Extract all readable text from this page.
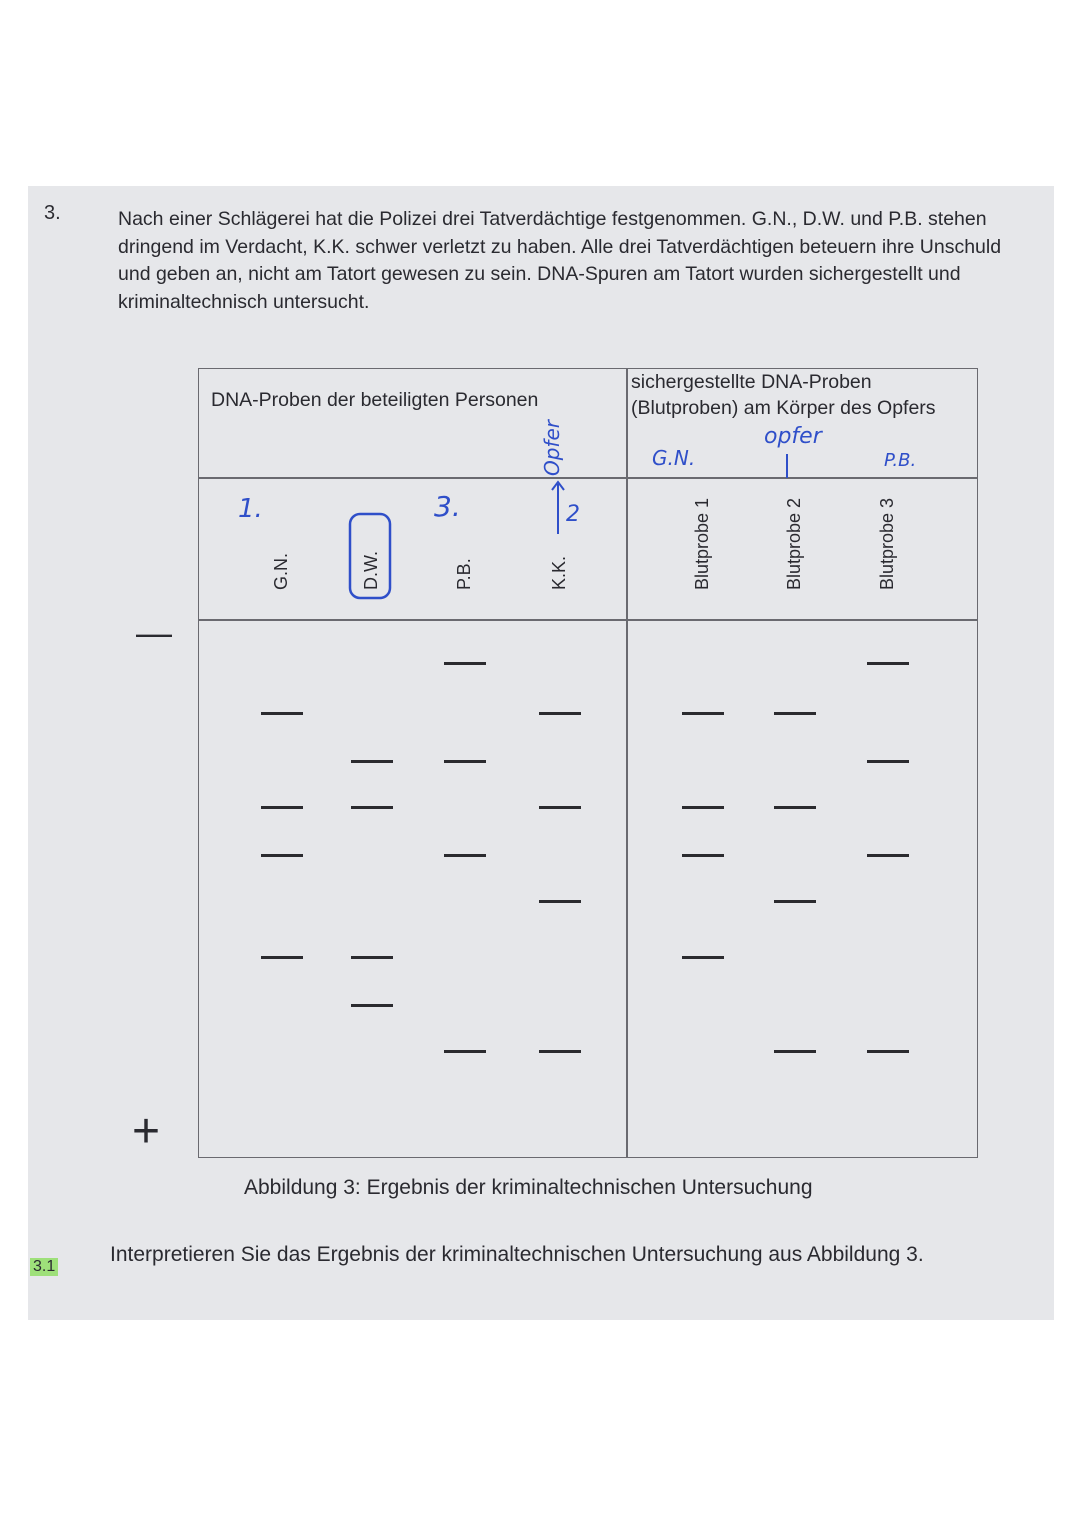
3.	Nach einer Schlägerei hat die Polizei drei Tatverdächtige festgenommen. G.N., D.W. und P.B. stehen dringend im Verdacht, K.K. schwer verletzt zu haben. Alle drei Tatverdächtigen beteuern ihre Unschuld und geben an, nicht am Tatort gewesen zu sein. DNA-Spuren am Tatort wurden sichergestellt und kriminaltechnisch untersucht.

DNA-Proben der beteiligten Personen
sichergestellte DNA-Proben (Blutproben) am Körper des Opfers
G.N.	D.W.	P.B.	K.K.	Blutprobe 1	Blutprobe 2	Blutprobe 3
—
+
1.	3.
Opfer
2
G.N.
opfer
P.B.
Abbildung 3: Ergebnis der kriminaltechnischen Untersuchung
3.1

Interpretieren Sie das Ergebnis der kriminaltechnischen Untersuchung aus Abbildung 3.
